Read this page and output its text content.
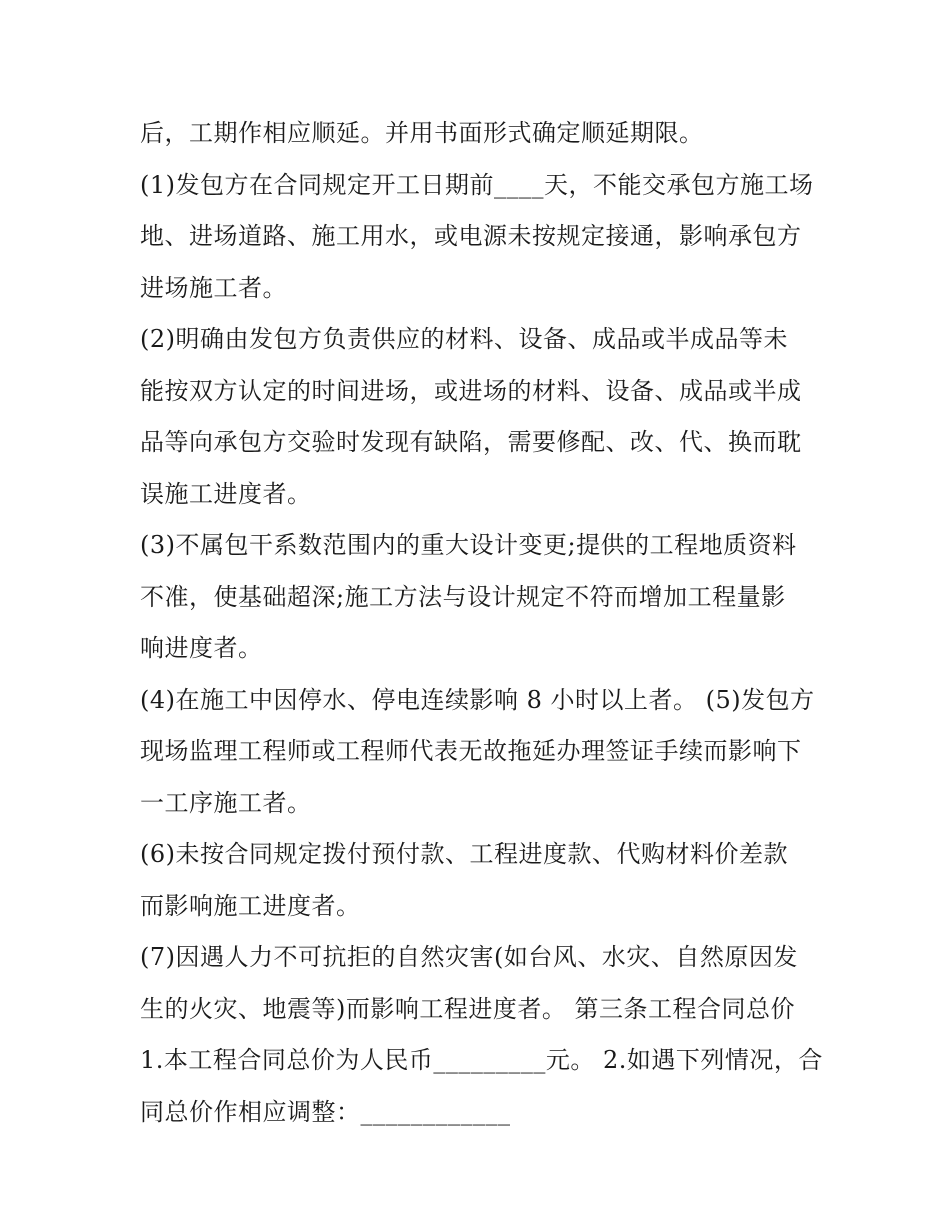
后，工期作相应顺延。并用书面形式确定顺延期限。
(1)发包方在合同规定开工日期前____天，不能交承包方施工场
地、进场道路、施工用水，或电源未按规定接通，影响承包方
进场施工者。
(2)明确由发包方负责供应的材料、设备、成品或半成品等未
能按双方认定的时间进场，或进场的材料、设备、成品或半成
品等向承包方交验时发现有缺陷，需要修配、改、代、换而耽
误施工进度者。
(3)不属包干系数范围内的重大设计变更;提供的工程地质资料
不准，使基础超深;施工方法与设计规定不符而增加工程量影
响进度者。
(4)在施工中因停水、停电连续影响 8 小时以上者。 (5)发包方
现场监理工程师或工程师代表无故拖延办理签证手续而影响下
一工序施工者。
(6)未按合同规定拨付预付款、工程进度款、代购材料价差款
而影响施工进度者。
(7)因遇人力不可抗拒的自然灾害(如台风、水灾、自然原因发
生的火灾、地震等)而影响工程进度者。 第三条工程合同总价
1.本工程合同总价为人民币_________元。 2.如遇下列情况，合
同总价作相应调整：____________
